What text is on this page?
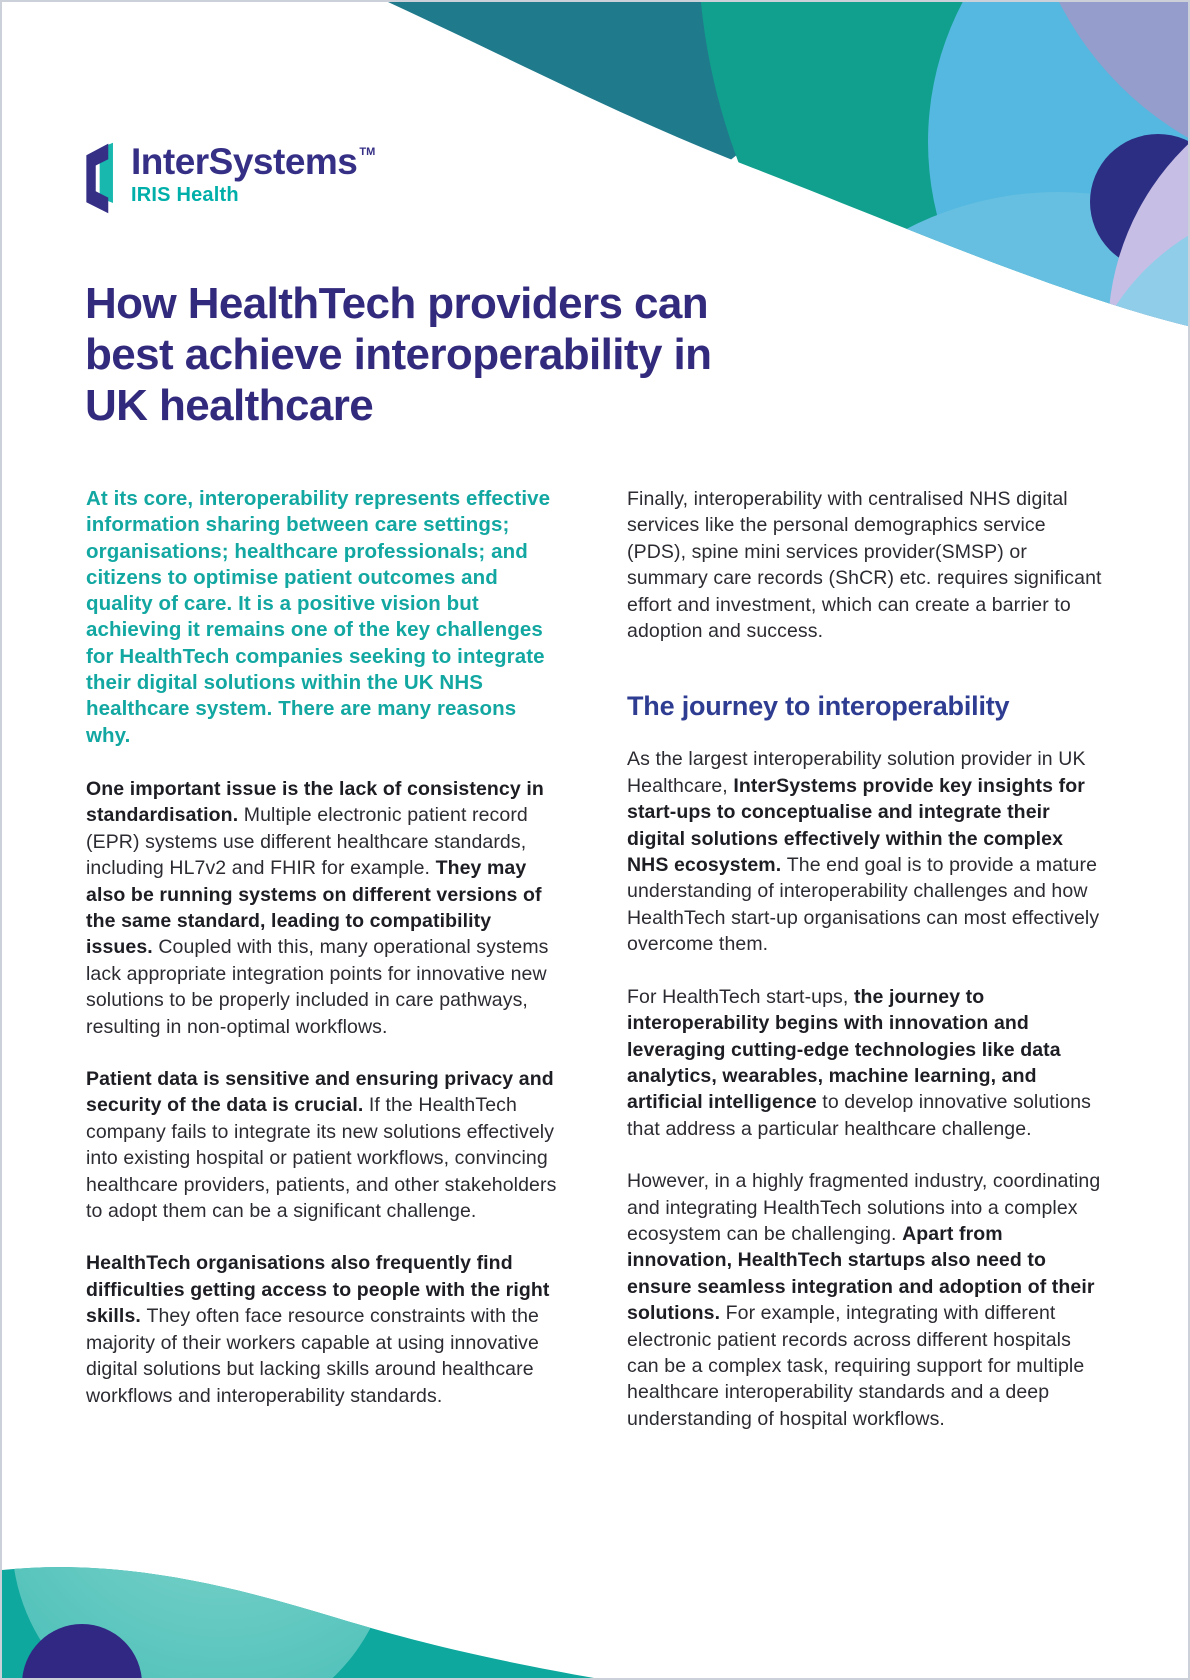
InterSystems TM
IRIS Health
How HealthTech providers can
best achieve interoperability in
UK healthcare

At its core, interoperability represents effective information sharing between care settings; organisations; healthcare professionals; and citizens to optimise patient outcomes and quality of care. It is a positive vision but achieving it remains one of the key challenges for HealthTech companies seeking to integrate their digital solutions within the UK NHS healthcare system. There are many reasons why.

One important issue is the lack of consistency in standardisation. Multiple electronic patient record (EPR) systems use different healthcare standards, including HL7v2 and FHIR for example. They may also be running systems on different versions of the same standard, leading to compatibility issues. Coupled with this, many operational systems lack appropriate integration points for innovative new solutions to be properly included in care pathways, resulting in non-optimal workflows.

Patient data is sensitive and ensuring privacy and security of the data is crucial. If the HealthTech company fails to integrate its new solutions effectively into existing hospital or patient workflows, convincing healthcare providers, patients, and other stakeholders to adopt them can be a significant challenge.

HealthTech organisations also frequently find difficulties getting access to people with the right skills. They often face resource constraints with the majority of their workers capable at using innovative digital solutions but lacking skills around healthcare workflows and interoperability standards.

Finally, interoperability with centralised NHS digital services like the personal demographics service (PDS), spine mini services provider(SMSP) or summary care records (ShCR) etc. requires significant effort and investment, which can create a barrier to adoption and success.

The journey to interoperability

As the largest interoperability solution provider in UK Healthcare, InterSystems provide key insights for start-ups to conceptualise and integrate their digital solutions effectively within the complex NHS ecosystem. The end goal is to provide a mature understanding of interoperability challenges and how HealthTech start-up organisations can most effectively overcome them.

For HealthTech start-ups, the journey to interoperability begins with innovation and leveraging cutting-edge technologies like data analytics, wearables, machine learning, and artificial intelligence to develop innovative solutions that address a particular healthcare challenge.

However, in a highly fragmented industry, coordinating and integrating HealthTech solutions into a complex ecosystem can be challenging. Apart from innovation, HealthTech startups also need to ensure seamless integration and adoption of their solutions. For example, integrating with different electronic patient records across different hospitals can be a complex task, requiring support for multiple healthcare interoperability standards and a deep understanding of hospital workflows.
